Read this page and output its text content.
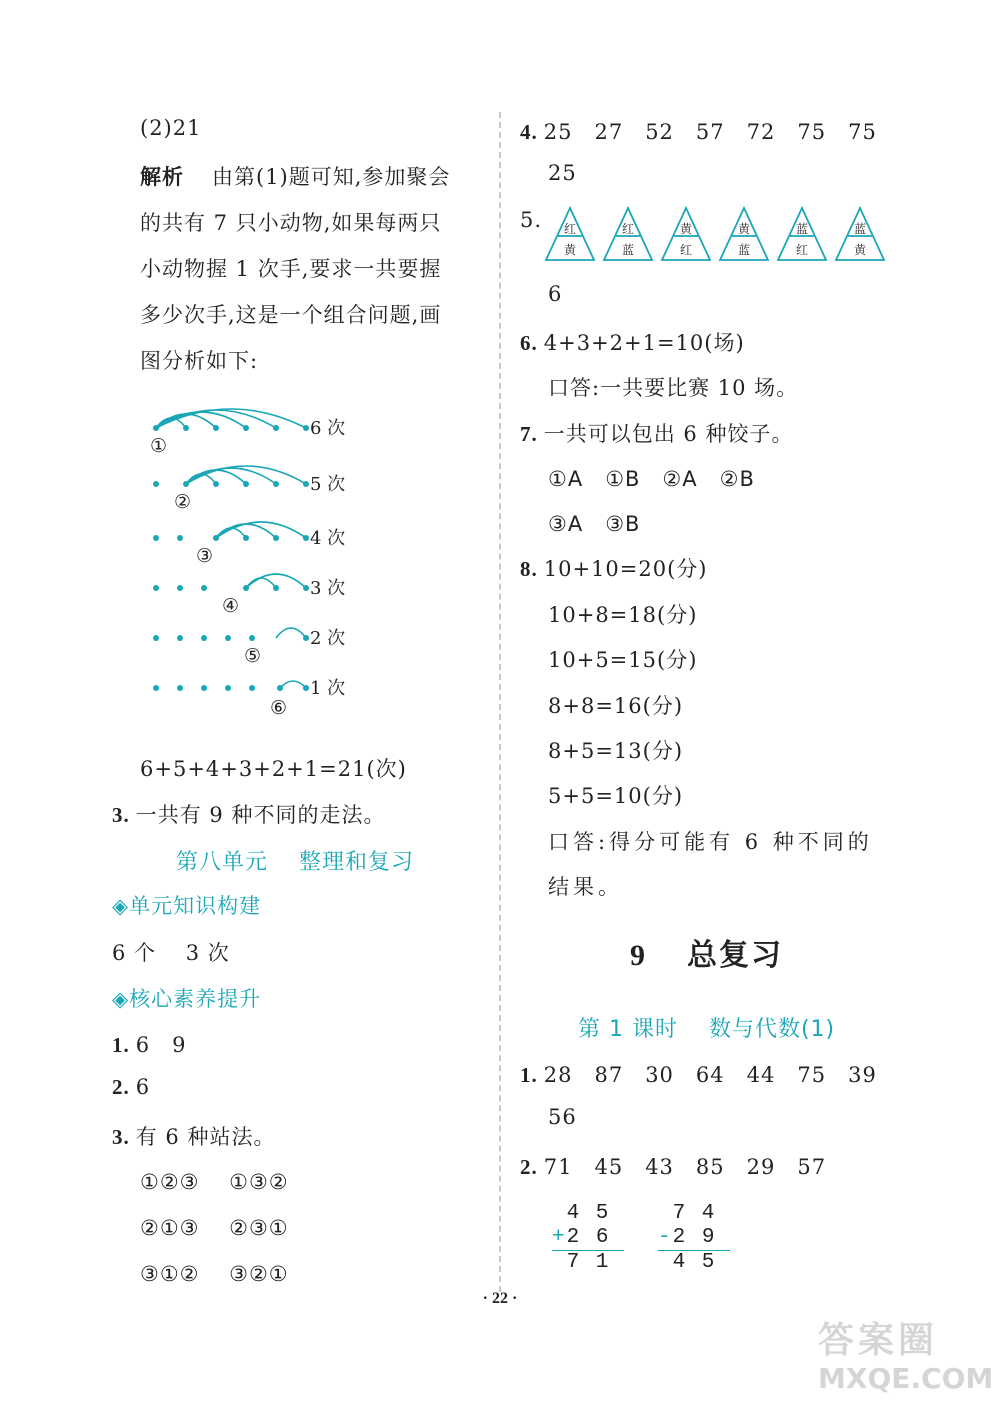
(2)21
解析 由第(1)题可知,参加聚会
的共有 7 只小动物,如果每两只
小动物握 1 次手,要求一共要握
多少次手,这是一个组合问题,画
图分析如下:
6 次
5 次
4 次
3 次
2 次
1 次
①
②
③
④
⑤
⑥
6+5+4+3+2+1=21(次)
3. 一共有 9 种不同的走法。
第八单元　 整理和复习
◈单元知识构建
6 个　 3 次
◈核心素养提升
1. 6　9
2. 6
3. 有 6 种站法。
①②③　 ①③②
②①③　 ②③①
③①②　 ③②①
4. 25　27　52　57　72　75　75
25
5. 红
黄
红
蓝
黄
红
黄
蓝
蓝
红
蓝
黄
6
6. 4+3+2+1=10(场)
口答:一共要比赛 10 场。
7. 一共可以包出 6 种饺子。
①A　①B　②A　②B
③A　③B
8. 10+10=20(分)
10+8=18(分)
10+5=15(分)
8+8=16(分)
8+5=13(分)
5+5=10(分)
口答:得分可能有 6 种不同的
结果。
9 总复习
第 1 课时　 数与代数(1)
1. 28　87　30　64　44　75　39
56
2. 71　45　43　85　29　57
4 5
+2 6
7 1
7 4
-2 9
4 5
· 22 ·
答案圈
MXQE.COM
